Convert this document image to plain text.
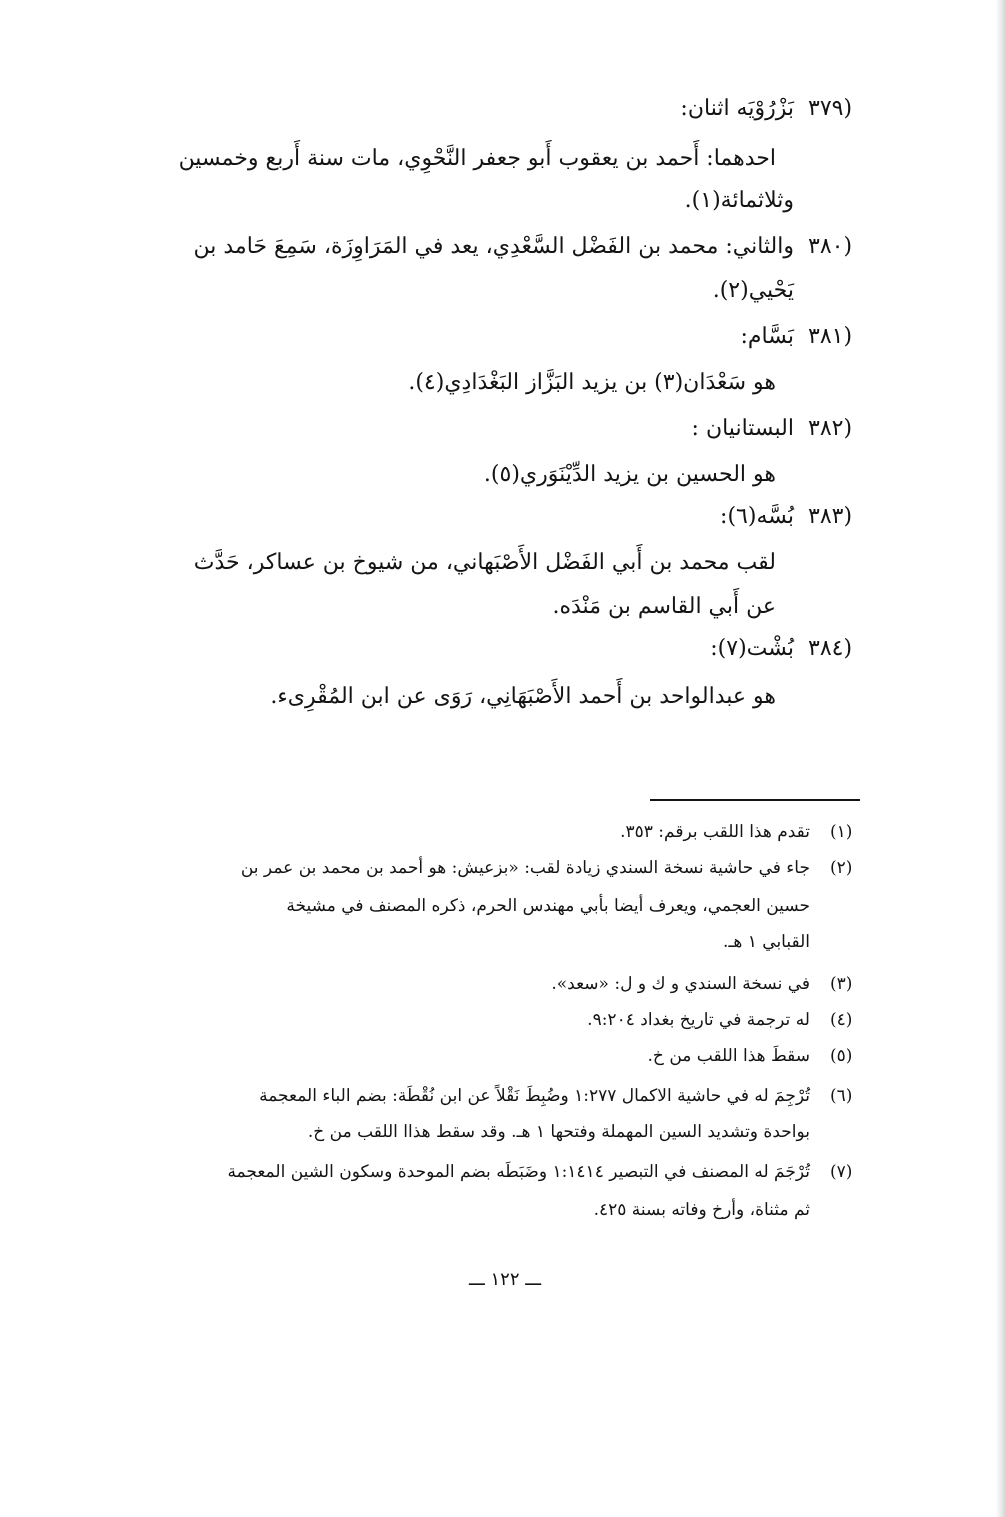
(٣٧٩
بَزْرُوْيَه اثنان:
احدهما: أَحمد بن يعقوب أَبو جعفر النَّحْوِي، مات سنة أَربع وخمسين
وثلاثمائة(١).
(٣٨٠
والثاني: محمد بن الفَضْل السَّعْدِي، يعد في المَرَاوِزَة، سَمِعَ حَامد بن
يَحْيي(٢).
(٣٨١
بَسَّام:
هو سَعْدَان(٣) بن يزيد البَزَّاز البَغْدَادِي(٤).
(٣٨٢
البستانيان :
هو الحسين بن يزيد الدِّيْنَوَري(٥).
(٣٨٣
بُسَّه(٦):
لقب محمد بن أَبي الفَضْل الأَصْبَهاني، من شيوخ بن عساكر، حَدَّث
عن أَبي القاسم بن مَنْدَه.
(٣٨٤
بُشْت(٧):
هو عبدالواحد بن أَحمد الأَصْبَهَانِي، رَوَى عن ابن المُقْرِىء.
(١)
تقدم هذا اللقب برقم: ٣٥٣.
(٢)
جاء في حاشية نسخة السندي زيادة لقب: «بزعيش: هو أحمد بن محمد بن عمر بن
حسين العجمي، ويعرف أيضا بأبي مهندس الحرم، ذكره المصنف في مشيخة
القبابي ١ هـ.
(٣)
في نسخة السندي و ك و ل: «سعد».
(٤)
له ترجمة في تاريخ بغداد ٩:٢٠٤.
(٥)
سقطَ هذا اللقب من خ.
(٦)
تُرْجِمَ له في حاشية الاكمال ١:٢٧٧ وضُبِطَ نَقْلاً عن ابن نُقْطَة: بضم الباء المعجمة
بواحدة وتشديد السين المهملة وفتحها ١ هـ. وقد سقط هذاا اللقب من خ.
(٧)
تُرْجَمَ له المصنف في التبصير ١:١٤١٤ وضَبَطَه بضم الموحدة وسكون الشين المعجمة
ثم مثناة، وأرخ وفاته بسنة ٤٢٥.
ـــ ١٢٢ ـــ
